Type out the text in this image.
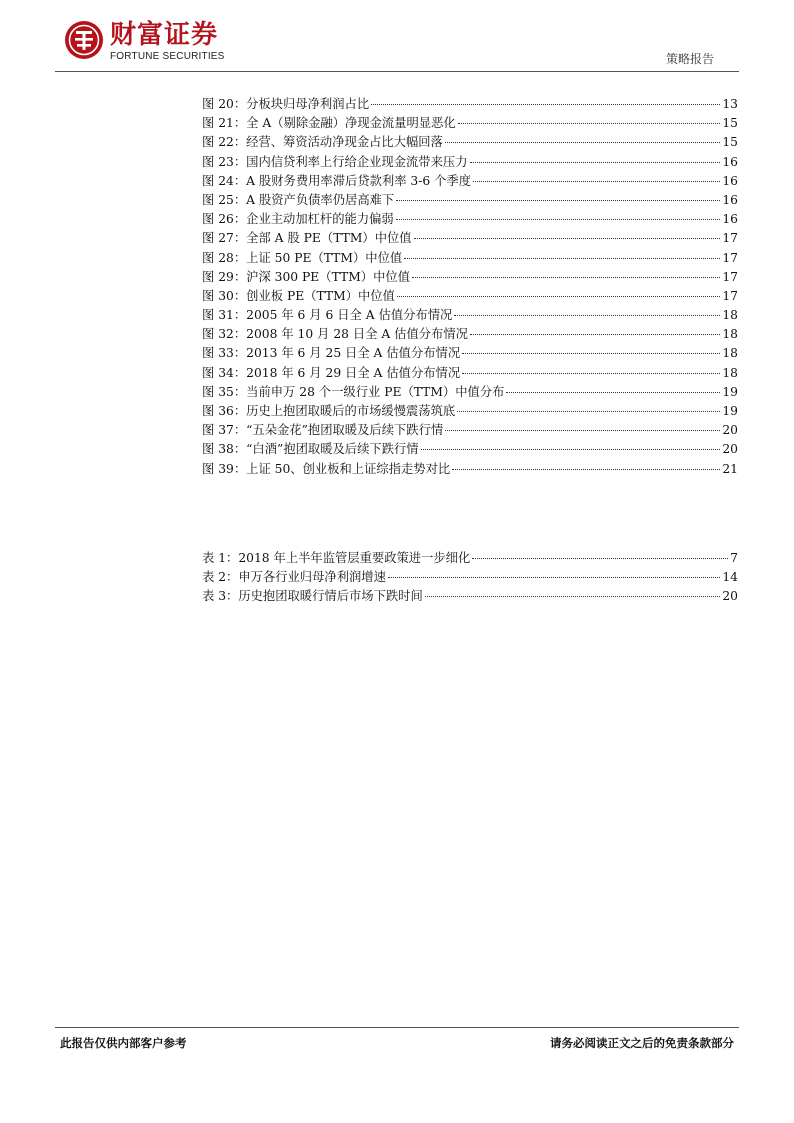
财富证券
FORTUNE SECURITIES	策略报告
图 20：分板块归母净利润占比	13
图 21：全 A（剔除金融）净现金流量明显恶化	15
图 22：经营、筹资活动净现金占比大幅回落	15
图 23：国内信贷利率上行给企业现金流带来压力	16
图 24：A 股财务费用率滞后贷款利率 3-6 个季度	16
图 25：A 股资产负债率仍居高难下	16
图 26：企业主动加杠杆的能力偏弱	16
图 27：全部 A 股 PE（TTM）中位值	17
图 28：上证 50 PE（TTM）中位值	17
图 29：沪深 300 PE（TTM）中位值	17
图 30：创业板 PE（TTM）中位值	17
图 31：2005 年 6 月 6 日全 A 估值分布情况	18
图 32：2008 年 10 月 28 日全 A 估值分布情况	18
图 33：2013 年 6 月 25 日全 A 估值分布情况	18
图 34：2018 年 6 月 29 日全 A 估值分布情况	18
图 35：当前申万 28 个一级行业 PE（TTM）中值分布	19
图 36：历史上抱团取暖后的市场缓慢震荡筑底	19
图 37：“五朵金花”抱团取暖及后续下跌行情	20
图 38：“白酒”抱团取暖及后续下跌行情	20
图 39：上证 50、创业板和上证综指走势对比	21
表 1：2018 年上半年监管层重要政策进一步细化	7
表 2：申万各行业归母净利润增速	14
表 3：历史抱团取暖行情后市场下跌时间	20
此报告仅供内部客户参考	请务必阅读正文之后的免责条款部分
